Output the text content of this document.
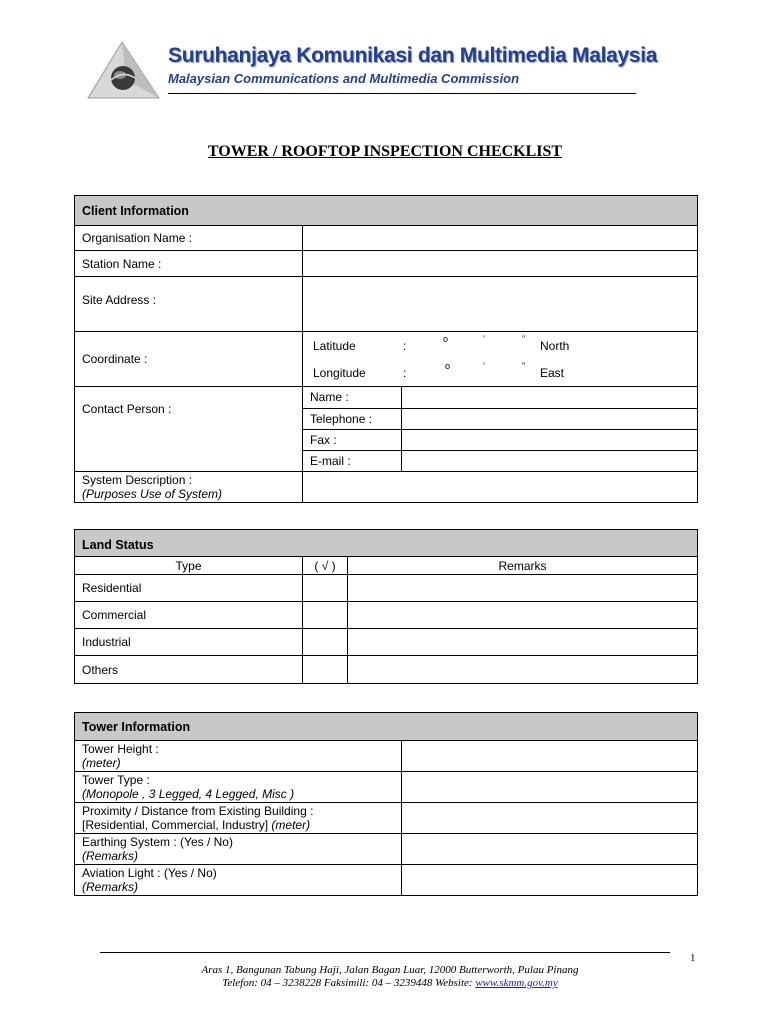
Suruhanjaya Komunikasi dan Multimedia Malaysia
Malaysian Communications and Multimedia Commission
TOWER / ROOFTOP INSPECTION CHECKLIST
Client Information
Organisation Name :	
Station Name :	
Site Address :	
Coordinate :	
Latitude	:	o	’	” North
Longitude	:	o	’	” East

Contact Person :	
Name :	
Telephone :	
Fax :	
E-mail :	

System Description :
(Purposes Use of System)

Land Status		
Type	( √ )	Remarks
Residential		
Commercial		
Industrial		
Others		
Tower Information	

Tower Height :
(meter)	

Tower Type :
(Monopole , 3 Legged, 4 Legged, Misc )	

Proximity / Distance from Existing Building :
[Residential, Commercial, Industry] (meter)	

Earthing System : (Yes / No)
(Remarks)	

Aviation Light : (Yes / No)
(Remarks)	

1
Aras 1, Bangunan Tabung Haji, Jalan Bagan Luar, 12000 Butterworth, Pulau Pinang
Telefon: 04 – 3238228 Faksimili: 04 – 3239448 Website: www.skmm.gov.my
